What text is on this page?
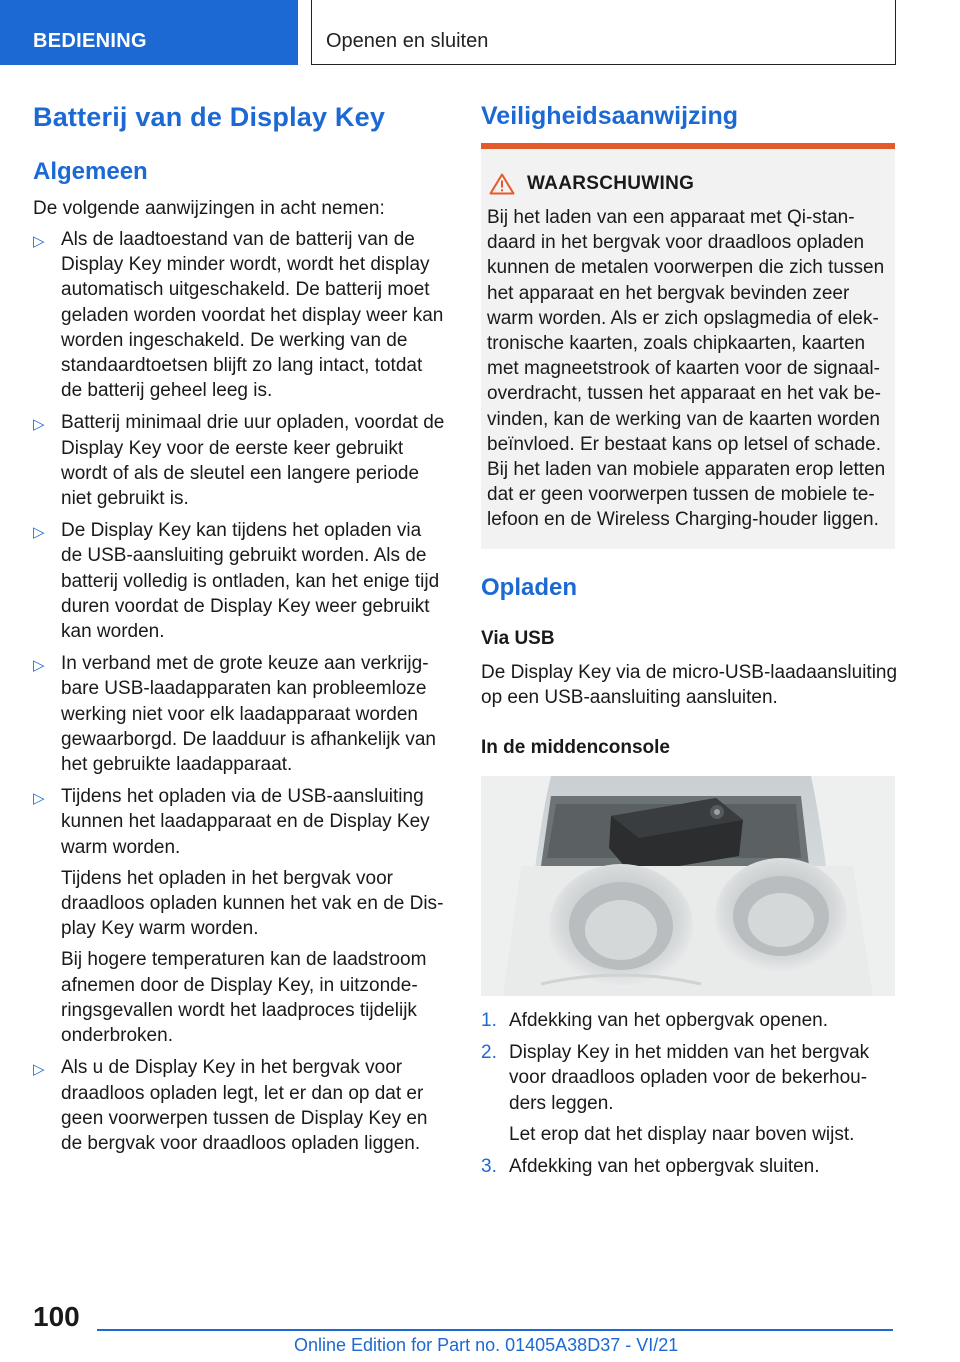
BEDIENING	Openen en sluiten
Batterij van de Display Key
Algemeen

De volgende aanwijzingen in acht nemen:

▷ Als de laadtoestand van de batterij van de Display Key minder wordt, wordt het display automatisch uitgeschakeld. De batterij moet geladen worden voordat het display weer kan worden ingeschakeld. De werking van de standaardtoetsen blijft zo lang intact, totdat de batterij geheel leeg is.
▷ Batterij minimaal drie uur opladen, voordat de Display Key voor de eerste keer gebruikt wordt of als de sleutel een langere periode niet gebruikt is.
▷ De Display Key kan tijdens het opladen via de USB-aansluiting gebruikt worden. Als de batterij volledig is ontladen, kan het enige tijd duren voordat de Display Key weer gebruikt kan worden.
▷ In verband met de grote keuze aan verkrijgbare USB-laadapparaten kan probleemloze werking niet voor elk laadapparaat worden gewaarborgd. De laadduur is afhankelijk van het gebruikte laadapparaat.
▷ Tijdens het opladen via de USB-aansluiting kunnen het laadapparaat en de Display Key warm worden.
Tijdens het opladen in het bergvak voor draadloos opladen kunnen het vak en de Display Key warm worden.
Bij hogere temperaturen kan de laadstroom afnemen door de Display Key, in uitzonderingsgevallen wordt het laadproces tijdelijk onderbroken.
▷ Als u de Display Key in het bergvak voor draadloos opladen legt, let er dan op dat er geen voorwerpen tussen de Display Key en de bergvak voor draadloos opladen liggen.
Veiligheidsaanwijzing
WAARSCHUWING
Bij het laden van een apparaat met Qi-standaard in het bergvak voor draadloos opladen kunnen de metalen voorwerpen die zich tussen het apparaat en het bergvak bevinden zeer warm worden. Als er zich opslagmedia of elektronische kaarten, zoals chipkaarten, kaarten met magneetstrook of kaarten voor de signaaloverdracht, tussen het apparaat en het vak bevinden, kan de werking van de kaarten worden beïnvloed. Er bestaat kans op letsel of schade. Bij het laden van mobiele apparaten erop letten dat er geen voorwerpen tussen de mobiele telefoon en de Wireless Charging-houder liggen.
Opladen
Via USB

De Display Key via de micro-USB-laadaansluiting op een USB-aansluiting aansluiten.

In de middenconsole
1. Afdekking van het opbergvak openen.
2. Display Key in het midden van het bergvak voor draadloos opladen voor de bekerhouders leggen.
Let erop dat het display naar boven wijst.
3. Afdekking van het opbergvak sluiten.
100
Online Edition for Part no. 01405A38D37 - VI/21
